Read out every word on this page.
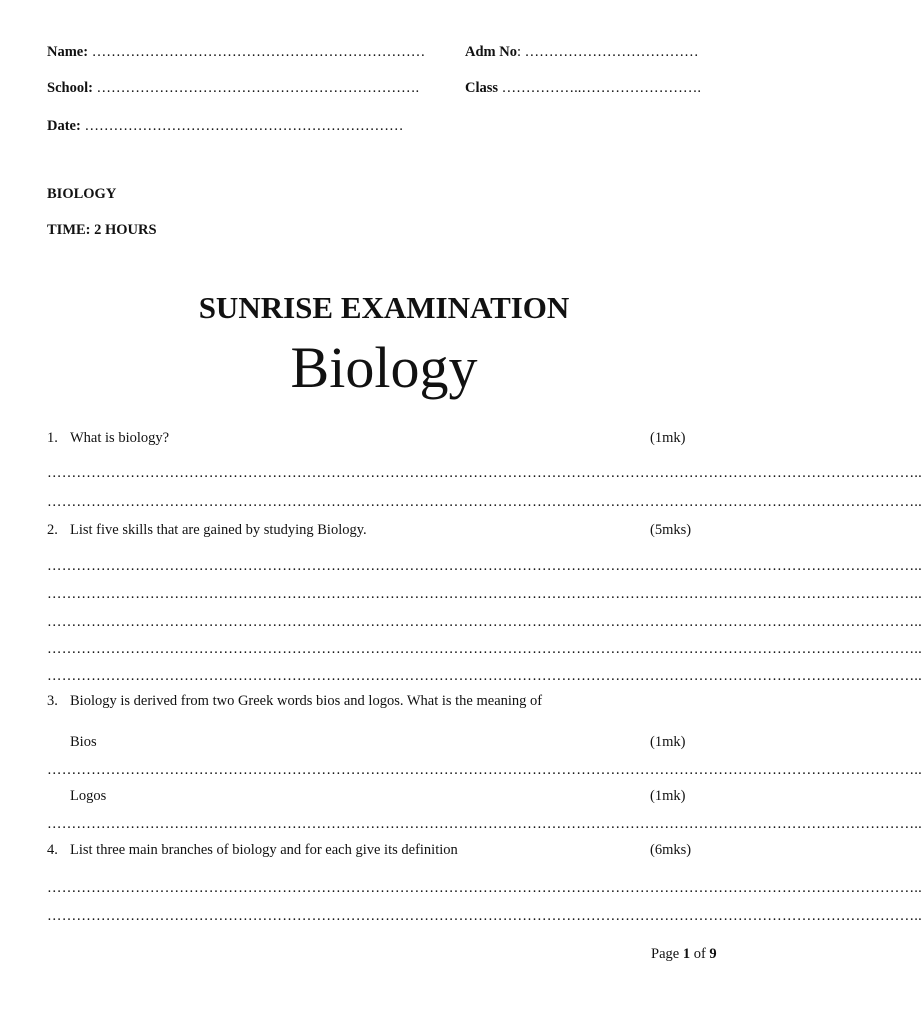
Name: ……………………………………………………………	Adm No: ………………………………
School: ………………………………………………………….	Class ……………..…………………….
Date: …………………………………………………………
BIOLOGY
TIME: 2 HOURS
SUNRISE EXAMINATION
Biology
1. What is biology?	(1mk)
……………………………………………………………………………………………………………………………………………………………..
……………………………………………………………………………………………………………………………………………………………..
2. List five skills that are gained by studying Biology.	(5mks)
……………………………………………………………………………………………………………………………………………………………..
……………………………………………………………………………………………………………………………………………………………..
……………………………………………………………………………………………………………………………………………………………..
……………………………………………………………………………………………………………………………………………………………..
……………………………………………………………………………………………………………………………………………………………..
3. Biology is derived from two Greek words bios and logos. What is the meaning of
Bios	(1mk)
……………………………………………………………………………………………………………………………………………………………..
Logos	(1mk)
……………………………………………………………………………………………………………………………………………………………..
4. List three main branches of biology and for each give its definition	(6mks)
……………………………………………………………………………………………………………………………………………………………..
……………………………………………………………………………………………………………………………………………………………..
Page 1 of 9
